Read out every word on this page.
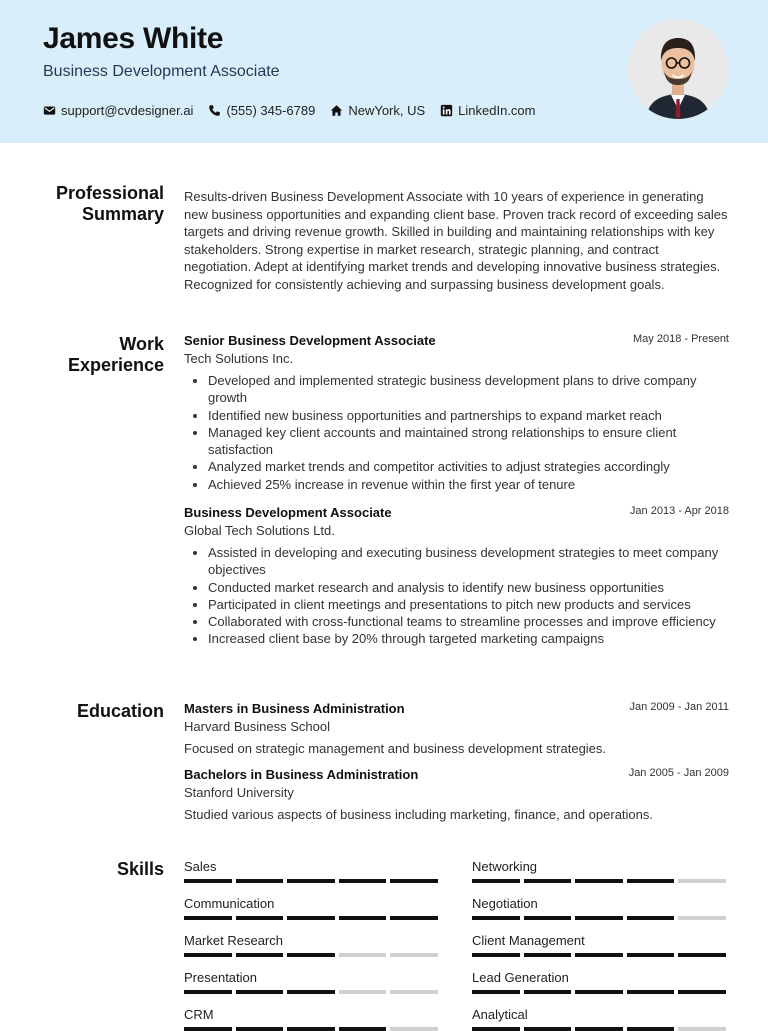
James White
Business Development Associate
support@cvdesigner.ai	(555) 345-6789	NewYork, US	LinkedIn.com
Professional Summary

Results-driven Business Development Associate with 10 years of experience in generating new business opportunities and expanding client base. Proven track record of exceeding sales targets and driving revenue growth. Skilled in building and maintaining relationships with key stakeholders. Strong expertise in market research, strategic planning, and contract negotiation. Adept at identifying market trends and developing innovative business strategies. Recognized for consistently achieving and surpassing business development goals.

Work Experience
Senior Business Development Associate	May 2018 - Present
Tech Solutions Inc.
• Developed and implemented strategic business development plans to drive company growth
• Identified new business opportunities and partnerships to expand market reach
• Managed key client accounts and maintained strong relationships to ensure client satisfaction
• Analyzed market trends and competitor activities to adjust strategies accordingly
• Achieved 25% increase in revenue within the first year of tenure
Business Development Associate	Jan 2013 - Apr 2018
Global Tech Solutions Ltd.
• Assisted in developing and executing business development strategies to meet company objectives
• Conducted market research and analysis to identify new business opportunities
• Participated in client meetings and presentations to pitch new products and services
• Collaborated with cross-functional teams to streamline processes and improve efficiency
• Increased client base by 20% through targeted marketing campaigns
Education Masters in Business Administration	Jan 2009 - Jan 2011
Harvard Business School
Focused on strategic management and business development strategies.
Bachelors in Business Administration	Jan 2005 - Jan 2009
Stanford University
Studied various aspects of business including marketing, finance, and operations.
Skills Sales	Networking
Communication	Negotiation
Market Research	Client Management
Presentation	Lead Generation
CRM	Analytical
